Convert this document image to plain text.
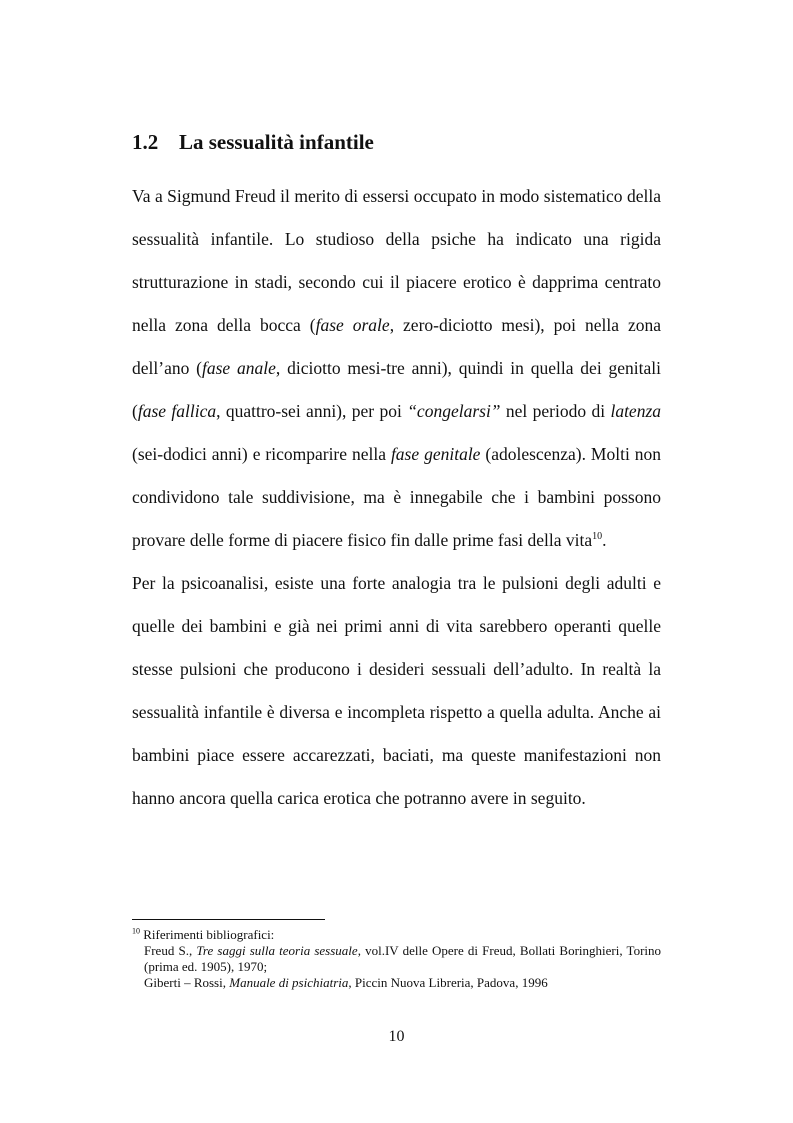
1.2 La sessualità infantile

Va a Sigmund Freud il merito di essersi occupato in modo sistematico della sessualità infantile. Lo studioso della psiche ha indicato una rigida strutturazione in stadi, secondo cui il piacere erotico è dapprima centrato nella zona della bocca (fase orale, zero-diciotto mesi), poi nella zona dell’ano (fase anale, diciotto mesi-tre anni), quindi in quella dei genitali (fase fallica, quattro-sei anni), per poi “congelarsi” nel periodo di latenza (sei-dodici anni) e ricomparire nella fase genitale (adolescenza). Molti non condividono tale suddivisione, ma è innegabile che i bambini possono provare delle forme di piacere fisico fin dalle prime fasi della vita$^{10}$.

Per la psicoanalisi, esiste una forte analogia tra le pulsioni degli adulti e quelle dei bambini e già nei primi anni di vita sarebbero operanti quelle stesse pulsioni che producono i desideri sessuali dell’adulto. In realtà la sessualità infantile è diversa e incompleta rispetto a quella adulta. Anche ai bambini piace essere accarezzati, baciati, ma queste manifestazioni non hanno ancora quella carica erotica che potranno avere in seguito.

$^{10}$ Riferimenti bibliografici:
Freud S., Tre saggi sulla teoria sessuale, vol.IV delle Opere di Freud, Bollati Boringhieri, Torino (prima ed. 1905), 1970;
Giberti – Rossi, Manuale di psichiatria, Piccin Nuova Libreria, Padova, 1996
10
